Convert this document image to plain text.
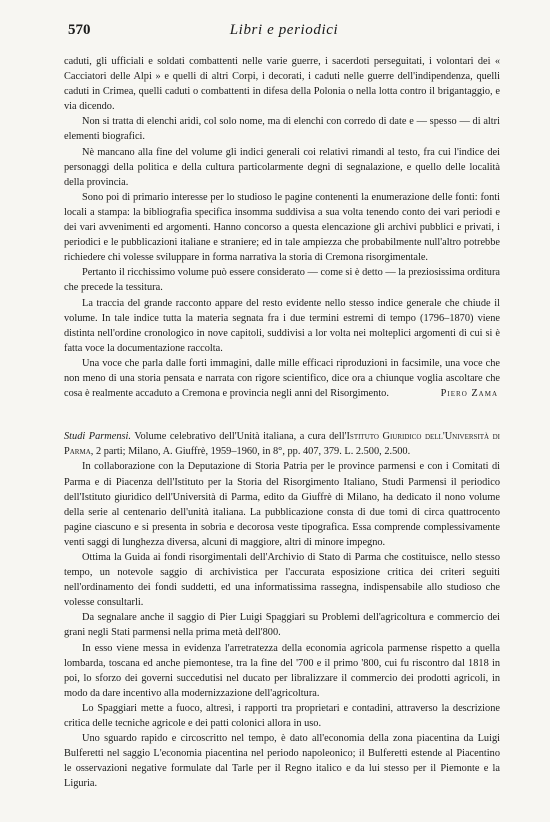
570	Libri e periodici

caduti, gli ufficiali e soldati combattenti nelle varie guerre, i sacerdoti perseguitati, i volontari dei « Cacciatori delle Alpi » e quelli di altri Corpi, i decorati, i caduti nelle guerre dell'indipendenza, quelli caduti in Crimea, quelli caduti o combattenti in difesa della Polonia o nella lotta contro il brigantaggio, e via dicendo.

Non si tratta di elenchi aridi, col solo nome, ma di elenchi con corredo di date e — spesso — di altri elementi biografici.

Nè mancano alla fine del volume gli indici generali coi relativi rimandi al testo, fra cui l'indice dei personaggi della politica e della cultura particolarmente degni di segnalazione, e quello delle località della provincia.

Sono poi di primario interesse per lo studioso le pagine contenenti la enumerazione delle fonti: fonti locali a stampa: la bibliografia specifica insomma suddivisa a sua volta tenendo conto dei vari periodi e dei vari avvenimenti ed argomenti. Hanno concorso a questa elencazione gli archivi pubblici e privati, i periodici e le pubblicazioni italiane e straniere; ed in tale ampiezza che probabilmente null'altro potrebbe richiedere chi volesse sviluppare in forma narrativa la storia di Cremona risorgimentale.

Pertanto il ricchissimo volume può essere considerato — come si è detto — la preziosissima orditura che precede la tessitura.

La traccia del grande racconto appare del resto evidente nello stesso indice generale che chiude il volume. In tale indice tutta la materia segnata fra i due termini estremi di tempo (1796–1870) viene distinta nell'ordine cronologico in nove capitoli, suddivisi a lor volta nei molteplici argomenti di cui si è fatta voce la documentazione raccolta.

Una voce che parla dalle forti immagini, dalle mille efficaci riproduzioni in facsimile, una voce che non meno di una storia pensata e narrata con rigore scientifico, dice ora a chiunque voglia ascoltare che cosa è realmente accaduto a Cremona e provincia negli anni del Risorgimento.	Piero Zama

Studi Parmensi. Volume celebrativo dell'Unità italiana, a cura dell'Istituto Giuridico dell'Università di Parma, 2 parti; Milano, A. Giuffrè, 1959–1960, in 8°, pp. 407, 379. L. 2.500, 2.500.

In collaborazione con la Deputazione di Storia Patria per le province parmensi e con i Comitati di Parma e di Piacenza dell'Istituto per la Storia del Risorgimento Italiano, Studi Parmensi il periodico dell'Istituto giuridico dell'Università di Parma, edito da Giuffrè di Milano, ha dedicato il nono volume della serie al centenario dell'unità italiana. La pubblicazione consta di due tomi di circa quattrocento pagine ciascuno e si presenta in sobria e decorosa veste tipografica. Essa comprende complessivamente venti saggi di lunghezza diversa, alcuni di maggiore, altri di minore impegno.

Ottima la Guida ai fondi risorgimentali dell'Archivio di Stato di Parma che costituisce, nello stesso tempo, un notevole saggio di archivistica per l'accurata esposizione critica dei criteri seguiti nell'ordinamento dei fondi suddetti, ed una informatissima rassegna, indispensabile allo studioso che volesse consultarli.

Da segnalare anche il saggio di Pier Luigi Spaggiari su Problemi dell'agricoltura e commercio dei grani negli Stati parmensi nella prima metà dell'800.

In esso viene messa in evidenza l'arretratezza della economia agricola parmense rispetto a quella lombarda, toscana ed anche piemontese, tra la fine del '700 e il primo '800, cui fu riscontro dal 1818 in poi, lo sforzo dei governi succedutisi nel ducato per libralizzare il commercio dei prodotti agricoli, in modo da dare incentivo alla modernizzazione dell'agricoltura.

Lo Spaggiari mette a fuoco, altresì, i rapporti tra proprietari e contadini, attraverso la descrizione critica delle tecniche agricole e dei patti colonici allora in uso.

Uno sguardo rapido e circoscritto nel tempo, è dato all'economia della zona piacentina da Luigi Bulferetti nel saggio L'economia piacentina nel periodo napoleonico; il Bulferetti estende al Piacentino le osservazioni negative formulate dal Tarle per il Regno italico e da lui stesso per il Piemonte e la Liguria.
